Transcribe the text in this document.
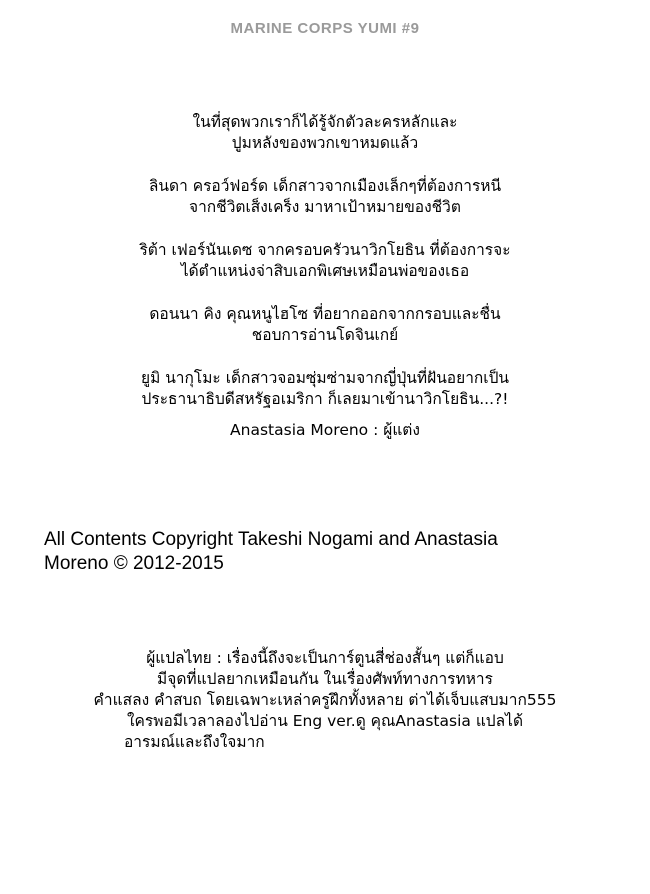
MARINE CORPS YUMI #9

ในที่สุดพวกเราก็ได้รู้จักตัวละครหลักและ
ปูมหลังของพวกเขาหมดแล้ว

ลินดา ครอว์ฟอร์ด เด็กสาวจากเมืองเล็กๆที่ต้องการหนี
จากชีวิตเส็งเคร็ง มาหาเป้าหมายของชีวิต

ริต้า เฟอร์นันเดซ จากครอบครัวนาวิกโยธิน ที่ต้องการจะ
ได้ตำแหน่งจ่าสิบเอกพิเศษเหมือนพ่อของเธอ

ดอนนา คิง คุณหนูไฮโซ ที่อยากออกจากกรอบและชื่น
ชอบการอ่านโดจินเกย์

ยูมิ นากุโมะ เด็กสาวจอมซุ่มซ่ามจากญี่ปุ่นที่ฝันอยากเป็น
ประธานาธิบดีสหรัฐอเมริกา ก็เลยมาเข้านาวิกโยธิน...?!

Anastasia Moreno : ผู้แต่ง
All Contents Copyright Takeshi Nogami and Anastasia
Moreno © 2012-2015
ผู้แปลไทย : เรื่องนี้ถึงจะเป็นการ์ตูนสี่ช่องสั้นๆ แต่ก็แอบ
มีจุดที่แปลยากเหมือนกัน ในเรื่องศัพท์ทางการทหาร
คำแสลง คำสบถ โดยเฉพาะเหล่าครูฝึกทั้งหลาย ต่าได้เจ็บแสบมาก555
ใครพอมีเวลาลองไปอ่าน Eng ver.ดู คุณAnastasia แปลได้
อารมณ์และถึงใจมาก
